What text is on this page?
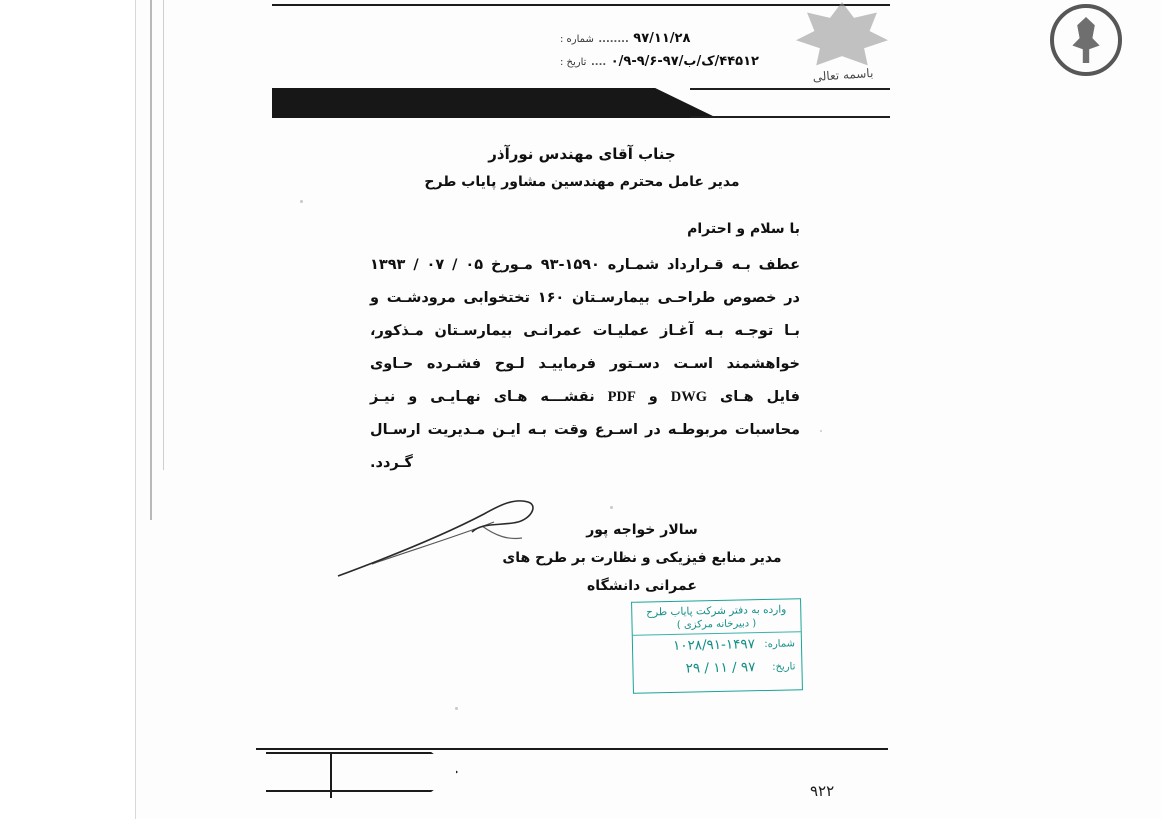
۹۷/۱۱/۲۸ ........ شماره :
۴۴۵۱۲/ک/ب/۹۷-۹/۶-۰/۹ .... تاریخ :
باسمه تعالی
جناب آقای مهندس نورآذر
مدیر عامل محترم مهندسین مشاور پایاب طرح
با سلام و احترام
عطف بـه قـرارداد شمـاره ۱۵۹۰-۹۳ مـورخ ۰۵ / ۰۷ / ۱۳۹۳ در خصوص طراحـی بیمارسـتان ۱۶۰ تختخوابی مرودشـت و بـا توجـه بـه آغـاز عملیـات عمرانـی بیمارسـتان مـذکور، خواهشمند اسـت دسـتور فرماییـد لـوح فشـرده حـاوی فایل هـای DWG و PDF نقشـــه هـای نهـایـی و نیـز محاسبات مربوطـه در اسـرع وقت بـه ایـن مـدیریت ارسـال گـردد.
سالار خواجه پور
مدیر منابع فیزیکی و نظارت بر طرح های
عمرانی دانشگاه
وارده به دفتر شرکت پایاب طرح
( دبیرخانه مرکزی )
شماره:
۱۰۲۸/۹۱-۱۴۹۷
تاریخ:
۹۷ / ۱۱ / ۲۹
۹۲۲
